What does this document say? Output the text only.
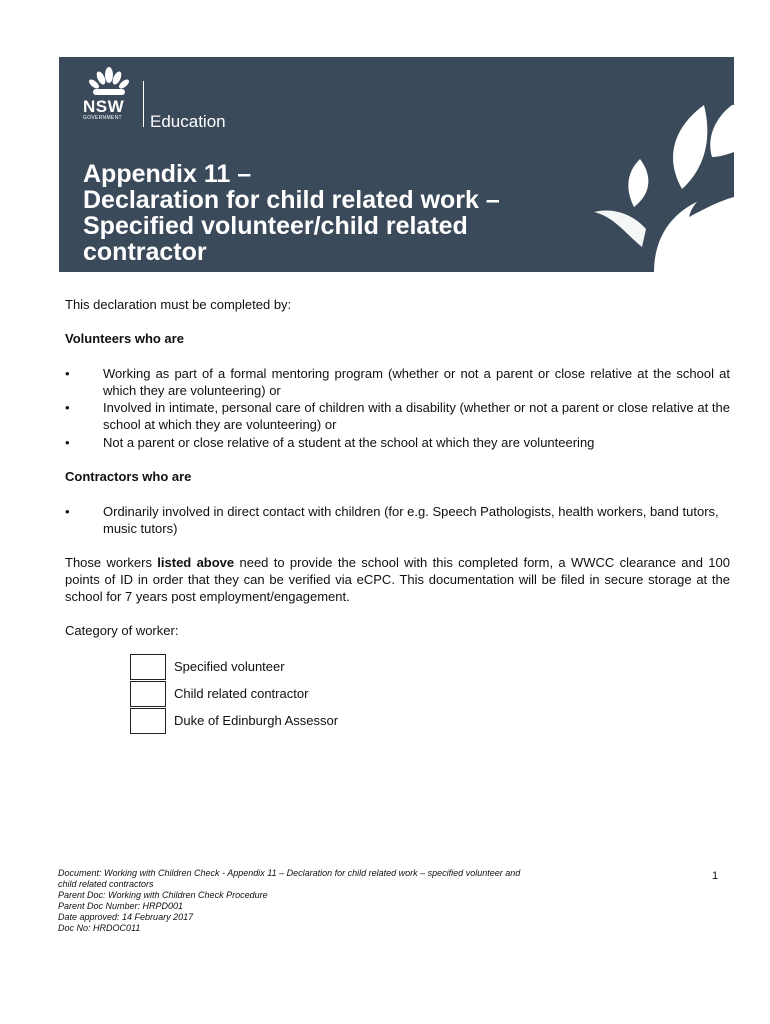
NSW
GOVERNMENT Education
Appendix 11 –
Declaration for child related work –
Specified volunteer/child related
contractor

This declaration must be completed by:

Volunteers who are

•	Working as part of a formal mentoring program (whether or not a parent or close relative at the school at which they are volunteering) or
•	Involved in intimate, personal care of children with a disability (whether or not a parent or close relative at the school at which they are volunteering) or
•	Not a parent or close relative of a student at the school at which they are volunteering

Contractors who are

•	Ordinarily involved in direct contact with children (for e.g. Speech Pathologists, health workers, band tutors, music tutors)

Those workers listed above need to provide the school with this completed form, a WWCC clearance and 100 points of ID in order that they can be verified via eCPC. This documentation will be filed in secure storage at the school for 7 years post employment/engagement.

Category of worker:

Specified volunteer
Child related contractor
Duke of Edinburgh Assessor
Document: Working with Children Check - Appendix 11 – Declaration for child related work – specified volunteer and
child related contractors
Parent Doc: Working with Children Check Procedure
Parent Doc Number: HRPD001
Date approved: 14 February 2017
Doc No: HRDOC011
1
